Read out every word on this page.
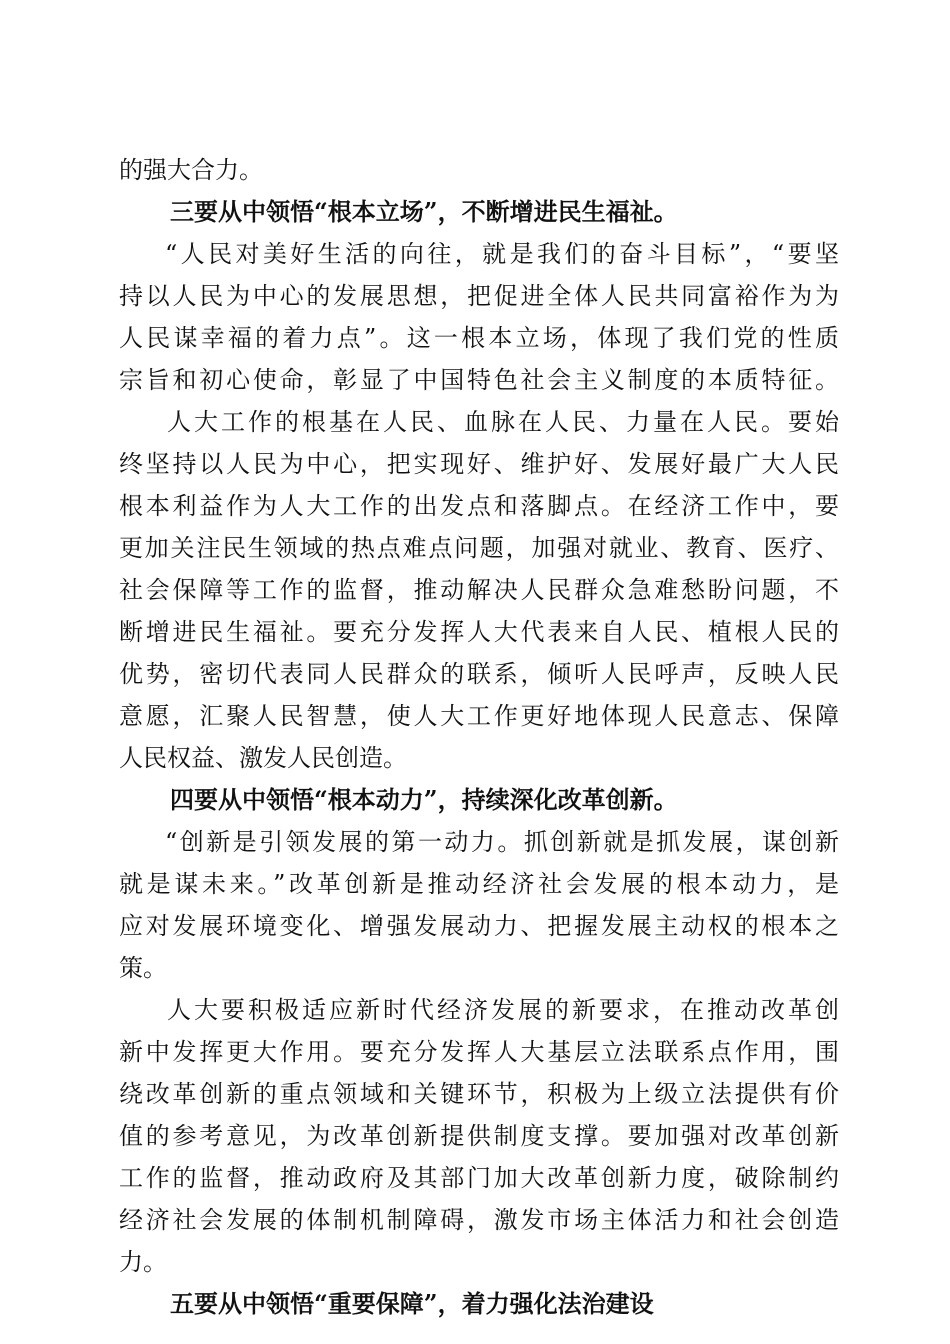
的强大合力。
三要从中领悟“根本立场”，不断增进民生福祉。
“人民对美好生活的向往，就是我们的奋斗目标”，“要坚
持以人民为中心的发展思想，把促进全体人民共同富裕作为为
人民谋幸福的着力点”。这一根本立场，体现了我们党的性质
宗旨和初心使命，彰显了中国特色社会主义制度的本质特征。
人大工作的根基在人民、血脉在人民、力量在人民。要始
终坚持以人民为中心，把实现好、维护好、发展好最广大人民
根本利益作为人大工作的出发点和落脚点。在经济工作中，要
更加关注民生领域的热点难点问题，加强对就业、教育、医疗、
社会保障等工作的监督，推动解决人民群众急难愁盼问题，不
断增进民生福祉。要充分发挥人大代表来自人民、植根人民的
优势，密切代表同人民群众的联系，倾听人民呼声，反映人民
意愿，汇聚人民智慧，使人大工作更好地体现人民意志、保障
人民权益、激发人民创造。
四要从中领悟“根本动力”，持续深化改革创新。
“创新是引领发展的第一动力。抓创新就是抓发展，谋创新
就是谋未来。”改革创新是推动经济社会发展的根本动力，是
应对发展环境变化、增强发展动力、把握发展主动权的根本之
策。
人大要积极适应新时代经济发展的新要求，在推动改革创
新中发挥更大作用。要充分发挥人大基层立法联系点作用，围
绕改革创新的重点领域和关键环节，积极为上级立法提供有价
值的参考意见，为改革创新提供制度支撑。要加强对改革创新
工作的监督，推动政府及其部门加大改革创新力度，破除制约
经济社会发展的体制机制障碍，激发市场主体活力和社会创造
力。
五要从中领悟“重要保障”，着力强化法治建设
